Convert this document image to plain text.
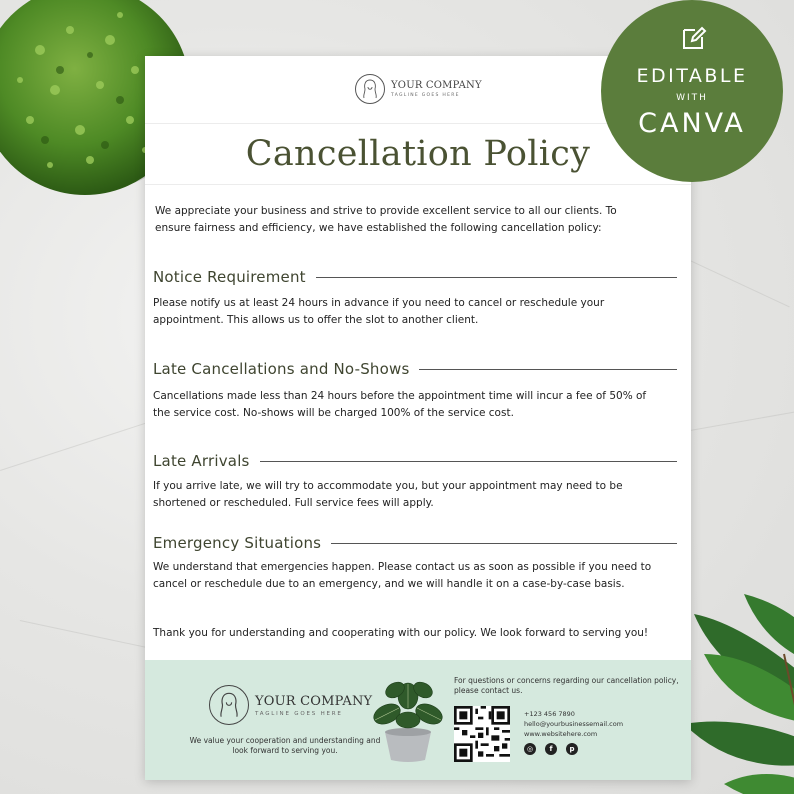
YOUR COMPANY
TAGLINE GOES HERE
Cancellation Policy
We appreciate your business and strive to provide excellent service to all our clients. To ensure fairness and efficiency, we have established the following cancellation policy:
Notice Requirement
Please notify us at least 24 hours in advance if you need to cancel or reschedule your appointment. This allows us to offer the slot to another client.
Late Cancellations and No-Shows
Cancellations made less than 24 hours before the appointment time will incur a fee of 50% of the service cost. No-shows will be charged 100% of the service cost.
Late Arrivals
If you arrive late, we will try to accommodate you, but your appointment may need to be shortened or rescheduled. Full service fees will apply.
Emergency Situations
We understand that emergencies happen. Please contact us as soon as possible if you need to cancel or reschedule due to an emergency, and we will handle it on a case-by-case basis.
Thank you for understanding and cooperating with our policy. We look forward to serving you!
YOUR COMPANY
TAGLINE GOES HERE
We value your cooperation and understanding and look forward to serving you.
For questions or concerns regarding our cancellation policy, please contact us.
+123 456 7890
hello@yourbusinessemail.com
www.websitehere.com
◎	f	p
EDITABLE
WITH
CANVA
